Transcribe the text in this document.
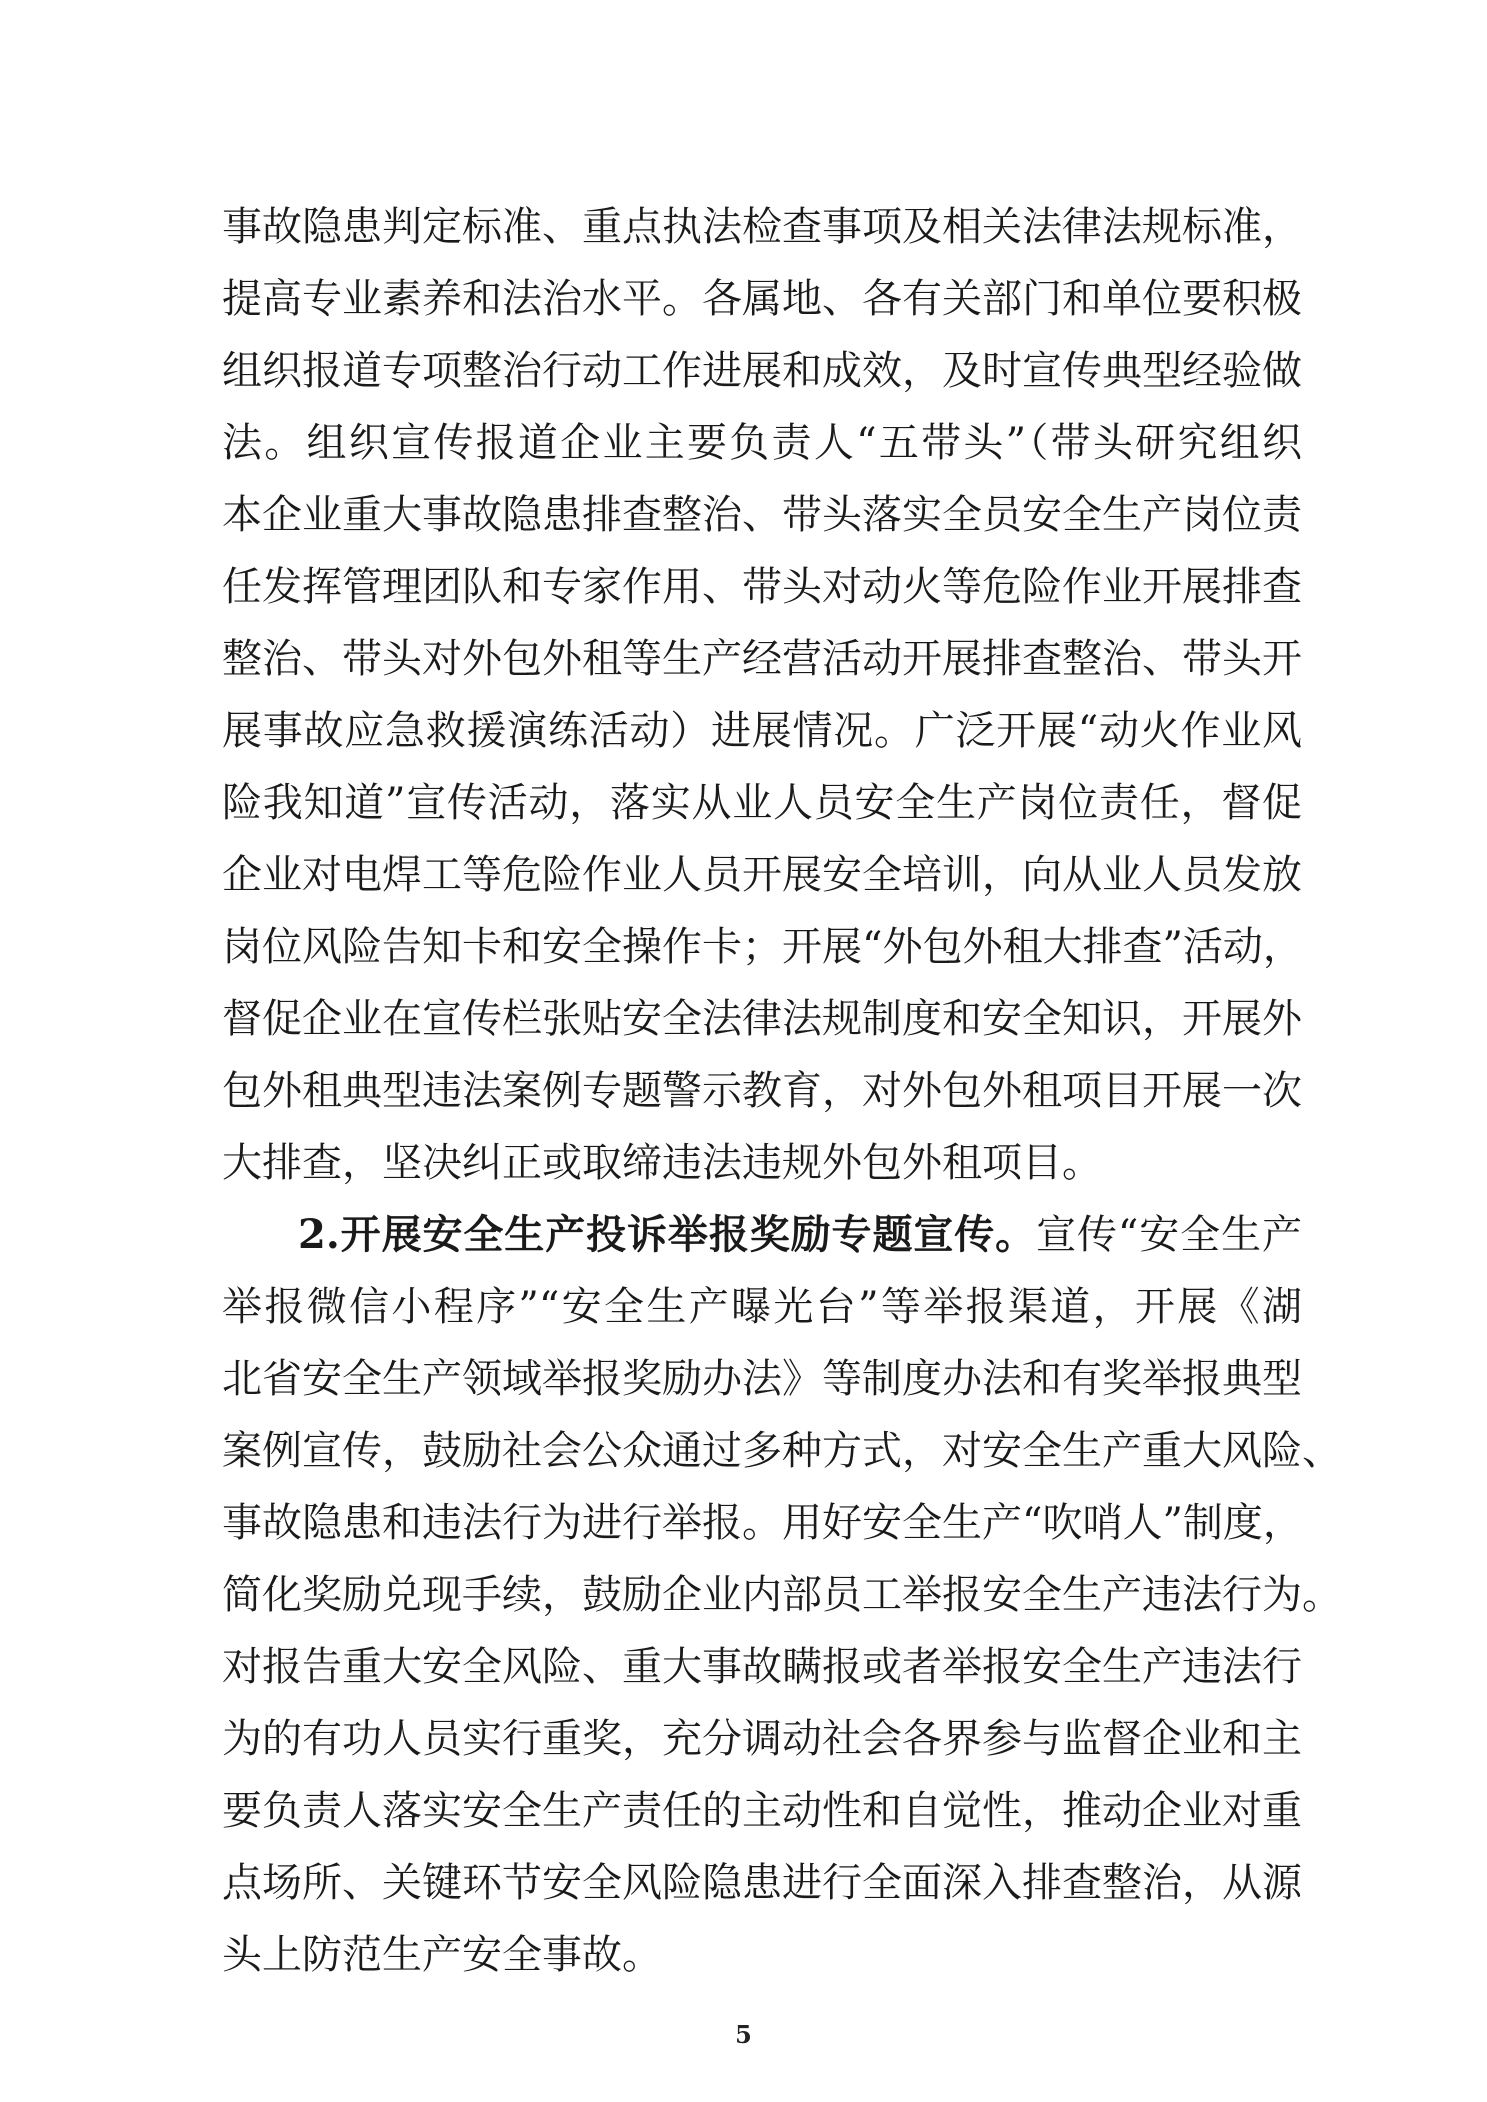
事故隐患判定标准、重点执法检查事项及相关法律法规标准，
提高专业素养和法治水平。各属地、各有关部门和单位要积极
组织报道专项整治行动工作进展和成效，及时宣传典型经验做
法。组织宣传报道企业主要负责人“五带头”（带头研究组织
本企业重大事故隐患排查整治、带头落实全员安全生产岗位责
任发挥管理团队和专家作用、带头对动火等危险作业开展排查
整治、带头对外包外租等生产经营活动开展排查整治、带头开
展事故应急救援演练活动）进展情况。广泛开展“动火作业风
险我知道”宣传活动，落实从业人员安全生产岗位责任，督促
企业对电焊工等危险作业人员开展安全培训，向从业人员发放
岗位风险告知卡和安全操作卡；开展“外包外租大排查”活动，
督促企业在宣传栏张贴安全法律法规制度和安全知识，开展外
包外租典型违法案例专题警示教育，对外包外租项目开展一次
大排查，坚决纠正或取缔违法违规外包外租项目。
2.开展安全生产投诉举报奖励专题宣传。宣传“安全生产
举报微信小程序”“安全生产曝光台”等举报渠道，开展《湖
北省安全生产领域举报奖励办法》等制度办法和有奖举报典型
案例宣传，鼓励社会公众通过多种方式，对安全生产重大风险、
事故隐患和违法行为进行举报。用好安全生产“吹哨人”制度，
简化奖励兑现手续，鼓励企业内部员工举报安全生产违法行为。
对报告重大安全风险、重大事故瞒报或者举报安全生产违法行
为的有功人员实行重奖，充分调动社会各界参与监督企业和主
要负责人落实安全生产责任的主动性和自觉性，推动企业对重
点场所、关键环节安全风险隐患进行全面深入排查整治，从源
头上防范生产安全事故。
5
